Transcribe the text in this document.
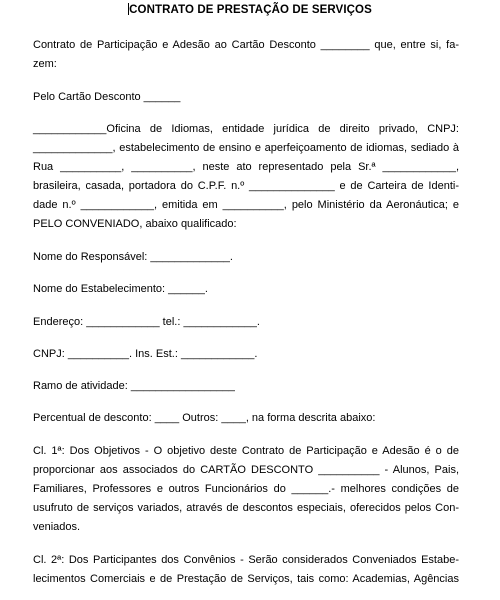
CONTRATO DE PRESTAÇÃO DE SERVIÇOS
Contrato de Participação e Adesão ao Cartão Desconto ________ que, entre si, fa-
zem:
Pelo Cartão Desconto ______
____________Oficina de Idiomas, entidade jurídica de direito privado, CNPJ:
_____________, estabelecimento de ensino e aperfeiçoamento de idiomas, sediado à
Rua __________, __________, neste ato representado pela Sr.ª ____________,
brasileira, casada, portadora do C.P.F. n.º ______________ e de Carteira de Identi-
dade n.º ____________, emitida em __________, pelo Ministério da Aeronáutica; e
PELO CONVENIADO, abaixo qualificado:
Nome do Responsável: _____________.
Nome do Estabelecimento: ______.
Endereço: ____________ tel.: ____________.
CNPJ: __________. Ins. Est.: ____________.
Ramo de atividade: _________________
Percentual de desconto: ____ Outros: ____, na forma descrita abaixo:
Cl. 1ª: Dos Objetivos - O objetivo deste Contrato de Participação e Adesão é o de
proporcionar aos associados do CARTÃO DESCONTO __________ - Alunos, Pais,
Familiares, Professores e outros Funcionários do ______.- melhores condições de
usufruto de serviços variados, através de descontos especiais, oferecidos pelos Con-
veniados.
Cl. 2ª: Dos Participantes dos Convênios - Serão considerados Conveniados Estabe-
lecimentos Comerciais e de Prestação de Serviços, tais como: Academias, Agências
